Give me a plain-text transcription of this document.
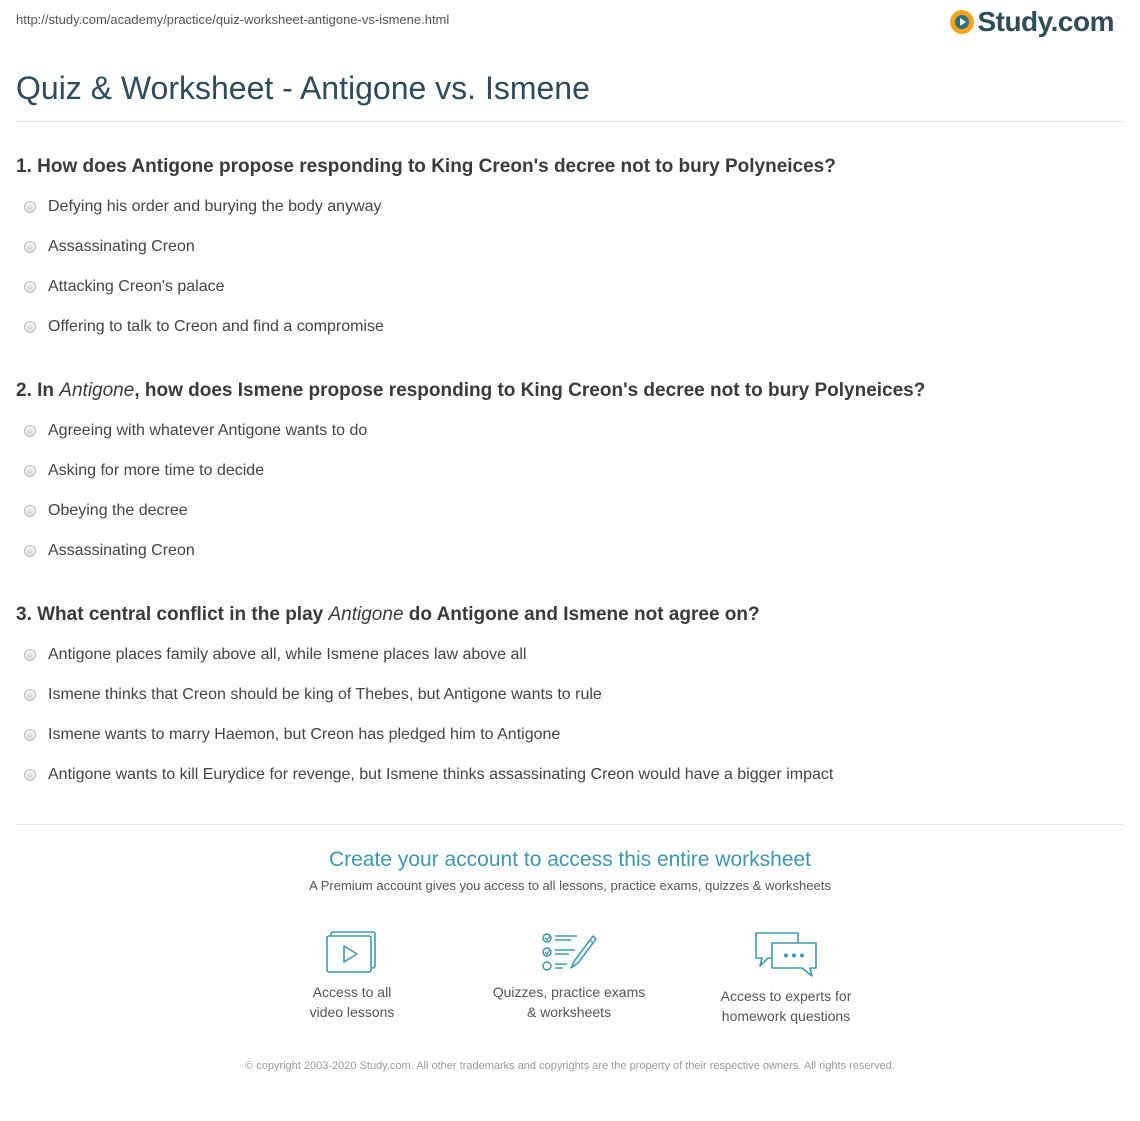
http://study.com/academy/practice/quiz-worksheet-antigone-vs-ismene.html	Study.com
Quiz & Worksheet - Antigone vs. Ismene
1. How does Antigone propose responding to King Creon's decree not to bury Polyneices?
Defying his order and burying the body anyway
Assassinating Creon
Attacking Creon's palace
Offering to talk to Creon and find a compromise
2. In Antigone, how does Ismene propose responding to King Creon's decree not to bury Polyneices?
Agreeing with whatever Antigone wants to do
Asking for more time to decide
Obeying the decree
Assassinating Creon
3. What central conflict in the play Antigone do Antigone and Ismene not agree on?
Antigone places family above all, while Ismene places law above all
Ismene thinks that Creon should be king of Thebes, but Antigone wants to rule
Ismene wants to marry Haemon, but Creon has pledged him to Antigone
Antigone wants to kill Eurydice for revenge, but Ismene thinks assassinating Creon would have a bigger impact
Create your account to access this entire worksheet
A Premium account gives you access to all lessons, practice exams, quizzes & worksheets
Access to all
video lessons
Quizzes, practice exams
& worksheets
Access to experts for
homework questions
© copyright 2003-2020 Study.com. All other trademarks and copyrights are the property of their respective owners. All rights reserved.
